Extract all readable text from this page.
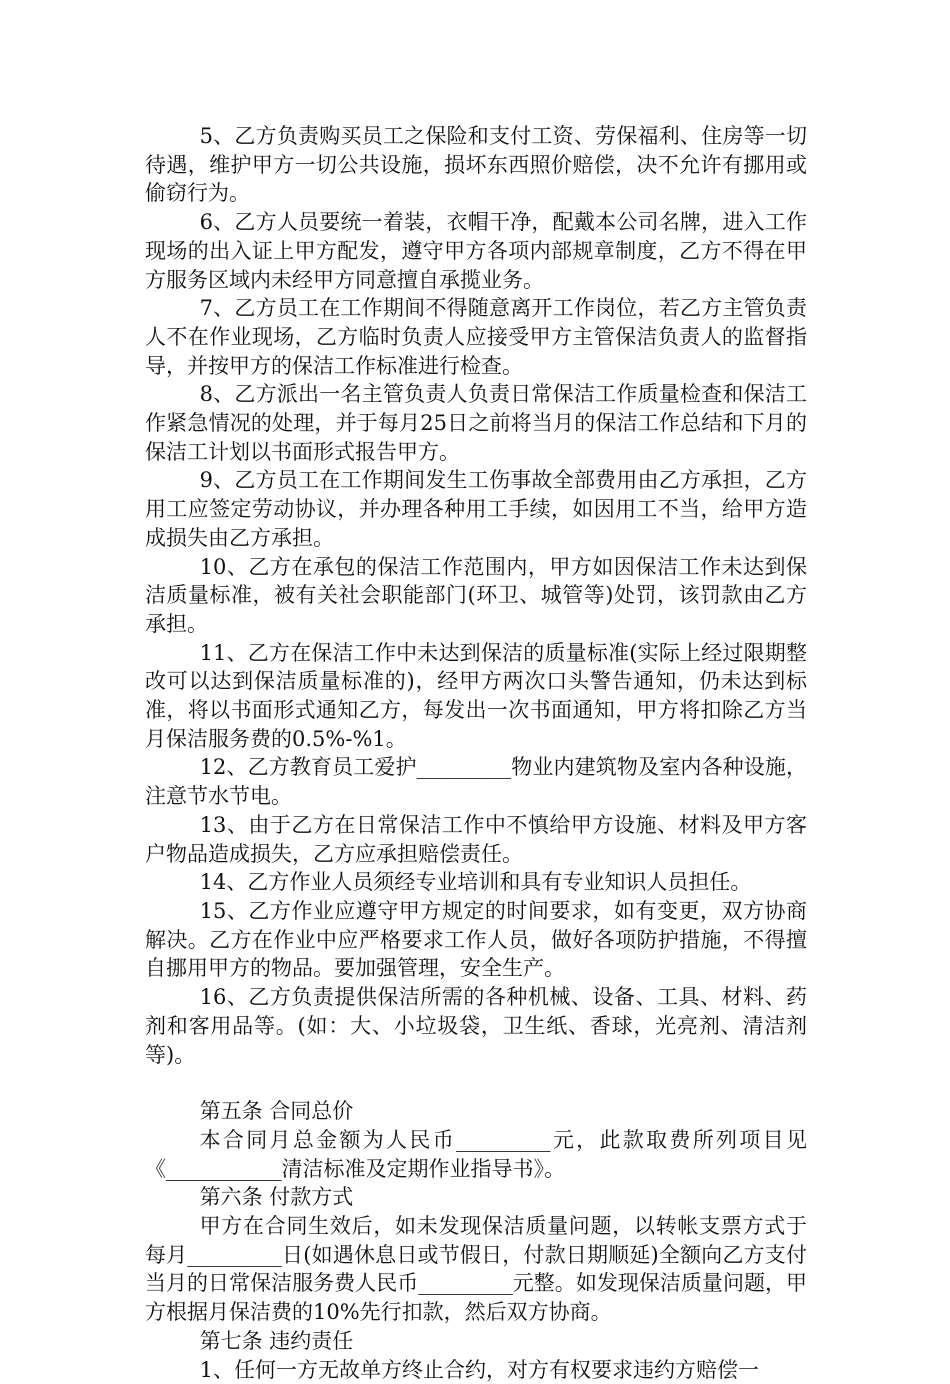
5、乙方负责购买员工之保险和支付工资、劳保福利、住房等一切待遇，维护甲方一切公共设施，损坏东西照价赔偿，决不允许有挪用或偷窃行为。

6、乙方人员要统一着装，衣帽干净，配戴本公司名牌，进入工作现场的出入证上甲方配发，遵守甲方各项内部规章制度，乙方不得在甲方服务区域内未经甲方同意擅自承揽业务。

7、乙方员工在工作期间不得随意离开工作岗位，若乙方主管负责人不在作业现场，乙方临时负责人应接受甲方主管保洁负责人的监督指导，并按甲方的保洁工作标准进行检查。

8、乙方派出一名主管负责人负责日常保洁工作质量检查和保洁工作紧急情况的处理，并于每月25日之前将当月的保洁工作总结和下月的保洁工计划以书面形式报告甲方。

9、乙方员工在工作期间发生工伤事故全部费用由乙方承担，乙方用工应签定劳动协议，并办理各种用工手续，如因用工不当，给甲方造成损失由乙方承担。

10、乙方在承包的保洁工作范围内，甲方如因保洁工作未达到保洁质量标准，被有关社会职能部门(环卫、城管等)处罚，该罚款由乙方承担。

11、乙方在保洁工作中未达到保洁的质量标准(实际上经过限期整改可以达到保洁质量标准的)，经甲方两次口头警告通知，仍未达到标准，将以书面形式通知乙方，每发出一次书面通知，甲方将扣除乙方当月保洁服务费的0.5%-%1。

12、乙方教育员工爱护_________物业内建筑物及室内各种设施，注意节水节电。

13、由于乙方在日常保洁工作中不慎给甲方设施、材料及甲方客户物品造成损失，乙方应承担赔偿责任。

14、乙方作业人员须经专业培训和具有专业知识人员担任。

15、乙方作业应遵守甲方规定的时间要求，如有变更，双方协商解决。乙方在作业中应严格要求工作人员，做好各项防护措施，不得擅自挪用甲方的物品。要加强管理，安全生产。

16、乙方负责提供保洁所需的各种机械、设备、工具、材料、药剂和客用品等。(如：大、小垃圾袋，卫生纸、香球，光亮剂、清洁剂等)。

第五条 合同总价

本合同月总金额为人民币_________元，此款取费所列项目见《___________清洁标准及定期作业指导书》。

第六条 付款方式

甲方在合同生效后，如未发现保洁质量问题，以转帐支票方式于每月_________日(如遇休息日或节假日，付款日期顺延)全额向乙方支付当月的日常保洁服务费人民币_________元整。如发现保洁质量问题，甲方根据月保洁费的10%先行扣款，然后双方协商。

第七条 违约责任

1、任何一方无故单方终止合约，对方有权要求违约方赔偿一
